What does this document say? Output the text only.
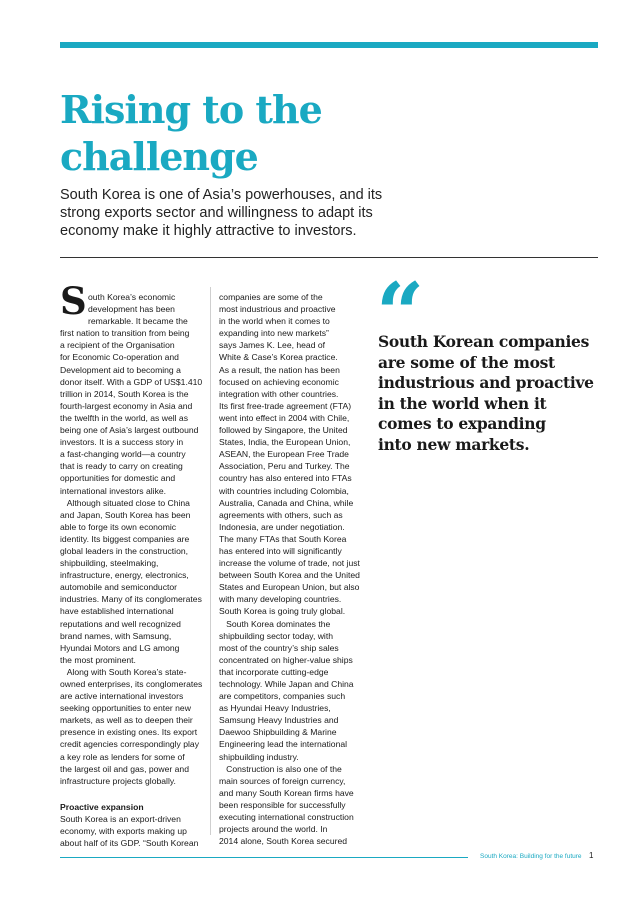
Rising to the
challenge

South Korea is one of Asia’s powerhouses, and its
strong exports sector and willingness to adapt its
economy make it highly attractive to investors.

S outh Korea’s economic
development has been
remarkable. It became the
first nation to transition from being
a recipient of the Organisation
for Economic Co-operation and
Development aid to becoming a
donor itself. With a GDP of US$1.410
trillion in 2014, South Korea is the
fourth-largest economy in Asia and
the twelfth in the world, as well as
being one of Asia’s largest outbound
investors. It is a success story in
a fast-changing world—a country
that is ready to carry on creating
opportunities for domestic and
international investors alike.
Although situated close to China
and Japan, South Korea has been
able to forge its own economic
identity. Its biggest companies are
global leaders in the construction,
shipbuilding, steelmaking,
infrastructure, energy, electronics,
automobile and semiconductor
industries. Many of its conglomerates
have established international
reputations and well recognized
brand names, with Samsung,
Hyundai Motors and LG among
the most prominent.
Along with South Korea’s state-
owned enterprises, its conglomerates
are active international investors
seeking opportunities to enter new
markets, as well as to deepen their
presence in existing ones. Its export
credit agencies correspondingly play
a key role as lenders for some of
the largest oil and gas, power and
infrastructure projects globally.
Proactive expansion
South Korea is an export-driven
economy, with exports making up
about half of its GDP. “South Korean
companies are some of the
most industrious and proactive
in the world when it comes to
expanding into new markets”
says James K. Lee, head of
White & Case’s Korea practice.
As a result, the nation has been
focused on achieving economic
integration with other countries.
Its first free-trade agreement (FTA)
went into effect in 2004 with Chile,
followed by Singapore, the United
States, India, the European Union,
ASEAN, the European Free Trade
Association, Peru and Turkey. The
country has also entered into FTAs
with countries including Colombia,
Australia, Canada and China, while
agreements with others, such as
Indonesia, are under negotiation.
The many FTAs that South Korea
has entered into will significantly
increase the volume of trade, not just
between South Korea and the United
States and European Union, but also
with many developing countries.
South Korea is going truly global.
South Korea dominates the
shipbuilding sector today, with
most of the country’s ship sales
concentrated on higher-value ships
that incorporate cutting-edge
technology. While Japan and China
are competitors, companies such
as Hyundai Heavy Industries,
Samsung Heavy Industries and
Daewoo Shipbuilding & Marine
Engineering lead the international
shipbuilding industry.
Construction is also one of the
main sources of foreign currency,
and many South Korean firms have
been responsible for successfully
executing international construction
projects around the world. In
2014 alone, South Korea secured
“
South Korean companies
are some of the most
industrious and proactive
in the world when it
comes to expanding
into new markets.
South Korea: Building for the future 1
